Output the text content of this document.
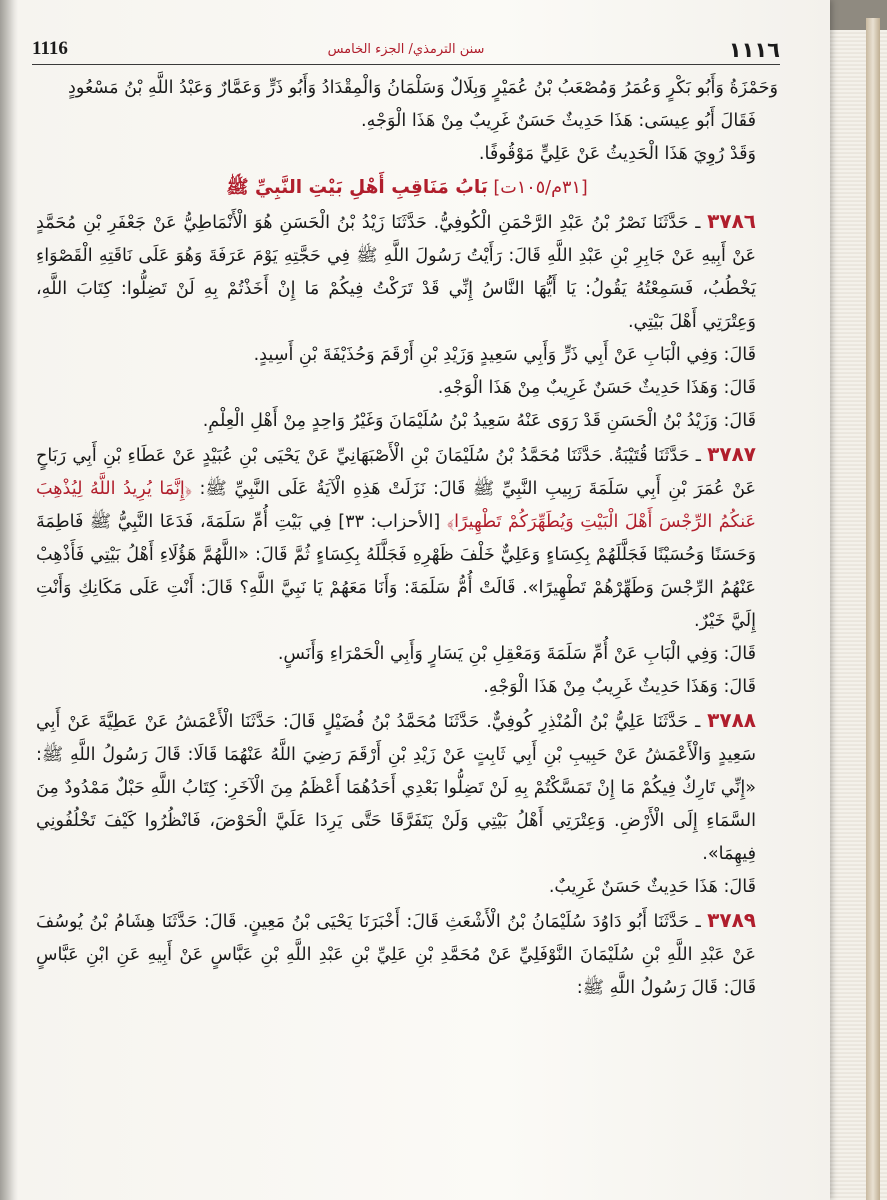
1116	سنن الترمذي/ الجزء الخامس	١١١٦

وَحَمْزَةُ وَأَبُو بَكْرٍ وَعُمَرُ وَمُصْعَبُ بْنُ عُمَيْرٍ وَبِلَالٌ وَسَلْمَانُ وَالْمِقْدَادُ وَأَبُو ذَرٍّ وَعَمَّارٌ وَعَبْدُ اللَّهِ بْنُ مَسْعُودٍ

فَقَالَ أَبُو عِيسَى: هَذَا حَدِيثٌ حَسَنٌ غَرِيبٌ مِنْ هَذَا الْوَجْهِ.

وَقَدْ رُوِيَ هَذَا الْحَدِيثُ عَنْ عَلِيٍّ مَوْقُوفًا.

[٣١م/١٠٥ت] بَابُ مَنَاقِبِ أَهْلِ بَيْتِ النَّبِيِّ ﷺ

٣٧٨٦ ـ حَدَّثَنَا نَصْرُ بْنُ عَبْدِ الرَّحْمَنِ الْكُوفِيُّ. حَدَّثَنَا زَيْدُ بْنُ الْحَسَنِ هُوَ الْأَنْمَاطِيُّ عَنْ جَعْفَرِ بْنِ مُحَمَّدٍ عَنْ أَبِيهِ عَنْ جَابِرِ بْنِ عَبْدِ اللَّهِ قَالَ: رَأَيْتُ رَسُولَ اللَّهِ ﷺ فِي حَجَّتِهِ يَوْمَ عَرَفَةَ وَهُوَ عَلَى نَاقَتِهِ الْقَصْوَاءِ يَخْطُبُ، فَسَمِعْتُهُ يَقُولُ: يَا أَيُّهَا النَّاسُ إِنِّي قَدْ تَرَكْتُ فِيكُمْ مَا إِنْ أَخَذْتُمْ بِهِ لَنْ تَضِلُّوا: كِتَابَ اللَّهِ، وَعِتْرَتِي أَهْلَ بَيْتِي.

قَالَ: وَفِي الْبَابِ عَنْ أَبِي ذَرٍّ وَأَبِي سَعِيدٍ وَزَيْدِ بْنِ أَرْقَمَ وَحُذَيْفَةَ بْنِ أَسِيدٍ.

قَالَ: وَهَذَا حَدِيثٌ حَسَنٌ غَرِيبٌ مِنْ هَذَا الْوَجْهِ.

قَالَ: وَزَيْدُ بْنُ الْحَسَنِ قَدْ رَوَى عَنْهُ سَعِيدُ بْنُ سُلَيْمَانَ وَغَيْرُ وَاحِدٍ مِنْ أَهْلِ الْعِلْمِ.

٣٧٨٧ ـ حَدَّثَنَا قُتَيْبَةُ. حَدَّثَنَا مُحَمَّدُ بْنُ سُلَيْمَانَ بْنِ الْأَصْبَهَانِيِّ عَنْ يَحْيَى بْنِ عُبَيْدٍ عَنْ عَطَاءِ بْنِ أَبِي رَبَاحٍ عَنْ عُمَرَ بْنِ أَبِي سَلَمَةَ رَبِيبِ النَّبِيِّ ﷺ قَالَ: نَزَلَتْ هَذِهِ الْآيَةُ عَلَى النَّبِيِّ ﷺ: ﴿إِنَّمَا يُرِيدُ اللَّهُ لِيُذْهِبَ عَنكُمُ الرِّجْسَ أَهْلَ الْبَيْتِ وَيُطَهِّرَكُمْ تَطْهِيرًا﴾ [الأحزاب: ٣٣] فِي بَيْتِ أُمِّ سَلَمَةَ، فَدَعَا النَّبِيُّ ﷺ فَاطِمَةَ وَحَسَنًا وَحُسَيْنًا فَجَلَّلَهُمْ بِكِسَاءٍ وَعَلِيٌّ خَلْفَ ظَهْرِهِ فَجَلَّلَهُ بِكِسَاءٍ ثُمَّ قَالَ: «اللَّهُمَّ هَؤُلَاءِ أَهْلُ بَيْتِي فَأَذْهِبْ عَنْهُمُ الرِّجْسَ وَطَهِّرْهُمْ تَطْهِيرًا». قَالَتْ أُمُّ سَلَمَةَ: وَأَنَا مَعَهُمْ يَا نَبِيَّ اللَّهِ؟ قَالَ: أَنْتِ عَلَى مَكَانِكِ وَأَنْتِ إِلَيَّ خَيْرٌ.

قَالَ: وَفِي الْبَابِ عَنْ أُمِّ سَلَمَةَ وَمَعْقِلِ بْنِ يَسَارٍ وَأَبِي الْحَمْرَاءِ وَأَنَسٍ.

قَالَ: وَهَذَا حَدِيثٌ غَرِيبٌ مِنْ هَذَا الْوَجْهِ.

٣٧٨٨ ـ حَدَّثَنَا عَلِيُّ بْنُ الْمُنْذِرِ كُوفِيٌّ. حَدَّثَنَا مُحَمَّدُ بْنُ فُضَيْلٍ قَالَ: حَدَّثَنَا الْأَعْمَشُ عَنْ عَطِيَّةَ عَنْ أَبِي سَعِيدٍ وَالْأَعْمَشُ عَنْ حَبِيبِ بْنِ أَبِي ثَابِتٍ عَنْ زَيْدِ بْنِ أَرْقَمَ رَضِيَ اللَّهُ عَنْهُمَا قَالَا: قَالَ رَسُولُ اللَّهِ ﷺ: «إِنِّي تَارِكٌ فِيكُمْ مَا إِنْ تَمَسَّكْتُمْ بِهِ لَنْ تَضِلُّوا بَعْدِي أَحَدُهُمَا أَعْظَمُ مِنَ الْآخَرِ: كِتَابُ اللَّهِ حَبْلٌ مَمْدُودٌ مِنَ السَّمَاءِ إِلَى الْأَرْضِ. وَعِتْرَتِي أَهْلُ بَيْتِي وَلَنْ يَتَفَرَّقَا حَتَّى يَرِدَا عَلَيَّ الْحَوْضَ، فَانْظُرُوا كَيْفَ تَخْلُفُونِي فِيهِمَا».

قَالَ: هَذَا حَدِيثٌ حَسَنٌ غَرِيبٌ.

٣٧٨٩ ـ حَدَّثَنَا أَبُو دَاوُدَ سُلَيْمَانُ بْنُ الْأَشْعَثِ قَالَ: أَخْبَرَنَا يَحْيَى بْنُ مَعِينٍ. قَالَ: حَدَّثَنَا هِشَامُ بْنُ يُوسُفَ عَنْ عَبْدِ اللَّهِ بْنِ سُلَيْمَانَ النَّوْفَلِيِّ عَنْ مُحَمَّدِ بْنِ عَلِيِّ بْنِ عَبْدِ اللَّهِ بْنِ عَبَّاسٍ عَنْ أَبِيهِ عَنِ ابْنِ عَبَّاسٍ قَالَ: قَالَ رَسُولُ اللَّهِ ﷺ:
